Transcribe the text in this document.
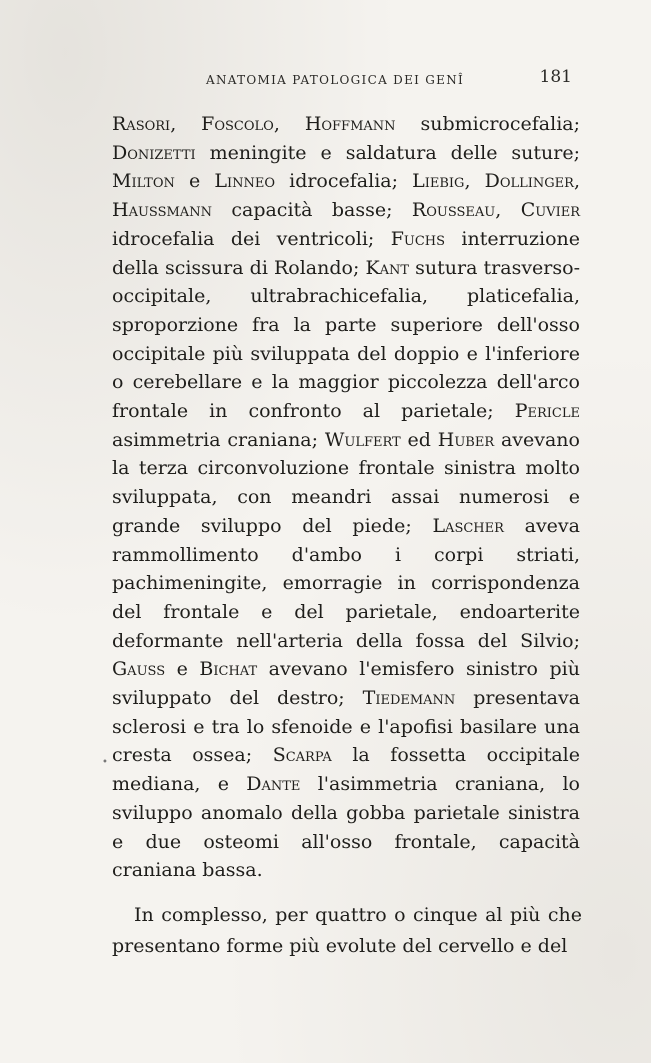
ANATOMIA PATOLOGICA DEI GENÎ	181

Rasori, Foscolo, Hoffmann submicrocefalia; Donizetti meningite e saldatura delle suture; Milton e Linneo idrocefalia; Liebig, Dollinger, Haussmann capacità basse; Rousseau, Cuvier idrocefalia dei ventricoli; Fuchs interruzione della scissura di Rolando; Kant sutura trasverso-occipitale, ultrabrachicefalia, platicefalia, sproporzione fra la parte superiore dell'osso occipitale più sviluppata del doppio e l'inferiore o cerebellare e la maggior piccolezza dell'arco frontale in confronto al parietale; Pericle asimmetria craniana; Wulfert ed Huber avevano la terza circonvoluzione frontale sinistra molto sviluppata, con meandri assai numerosi e grande sviluppo del piede; Lascher aveva rammollimento d'ambo i corpi striati, pachimeningite, emorragie in corrispondenza del frontale e del parietale, endoarterite deformante nell'arteria della fossa del Silvio; Gauss e Bichat avevano l'emisfero sinistro più sviluppato del destro; Tiedemann presentava sclerosi e tra lo sfenoide e l'apofisi basilare una cresta ossea; Scarpa la fossetta occipitale mediana, e Dante l'asimmetria craniana, lo sviluppo anomalo della gobba parietale sinistra e due osteomi all'osso frontale, capacità craniana bassa.

In complesso, per quattro o cinque al più che presentano forme più evolute del cervello e del

•
